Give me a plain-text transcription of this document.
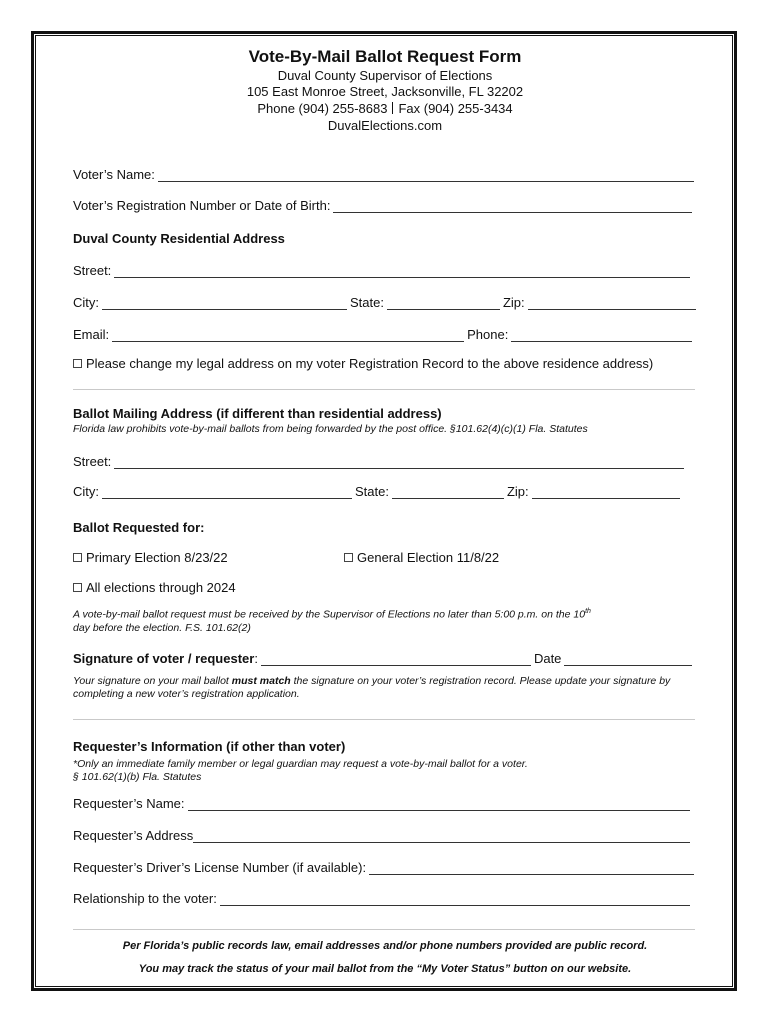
Vote-By-Mail Ballot Request Form
Duval County Supervisor of Elections
105 East Monroe Street, Jacksonville, FL 32202
Phone (904) 255-8683 Fax (904) 255-3434
DuvalElections.com
Voter’s Name:
Voter’s Registration Number or Date of Birth:
Duval County Residential Address
Street:
City:	State:	Zip:
Email:	Phone:
Please change my legal address on my voter Registration Record to the above residence address)
Ballot Mailing Address (if different than residential address)
Florida law prohibits vote-by-mail ballots from being forwarded by the post office. §101.62(4)(c)(1) Fla. Statutes
Street:
City:	State:	Zip:
Ballot Requested for:
Primary Election 8/23/22	General Election 11/8/22
All elections through 2024
A vote-by-mail ballot request must be received by the Supervisor of Elections no later than 5:00 p.m. on the 10th
day before the election. F.S. 101.62(2)
Signature of voter / requester :	Date
Your signature on your mail ballot must match the signature on your voter’s registration record. Please update your signature by completing a new voter’s registration application.
Requester’s Information (if other than voter)
*Only an immediate family member or legal guardian may request a vote-by-mail ballot for a voter.
§ 101.62(1)(b) Fla. Statutes
Requester’s Name:
Requester’s Address
Requester’s Driver’s License Number (if available):
Relationship to the voter:
Per Florida’s public records law, email addresses and/or phone numbers provided are public record.
You may track the status of your mail ballot from the “My Voter Status” button on our website.
